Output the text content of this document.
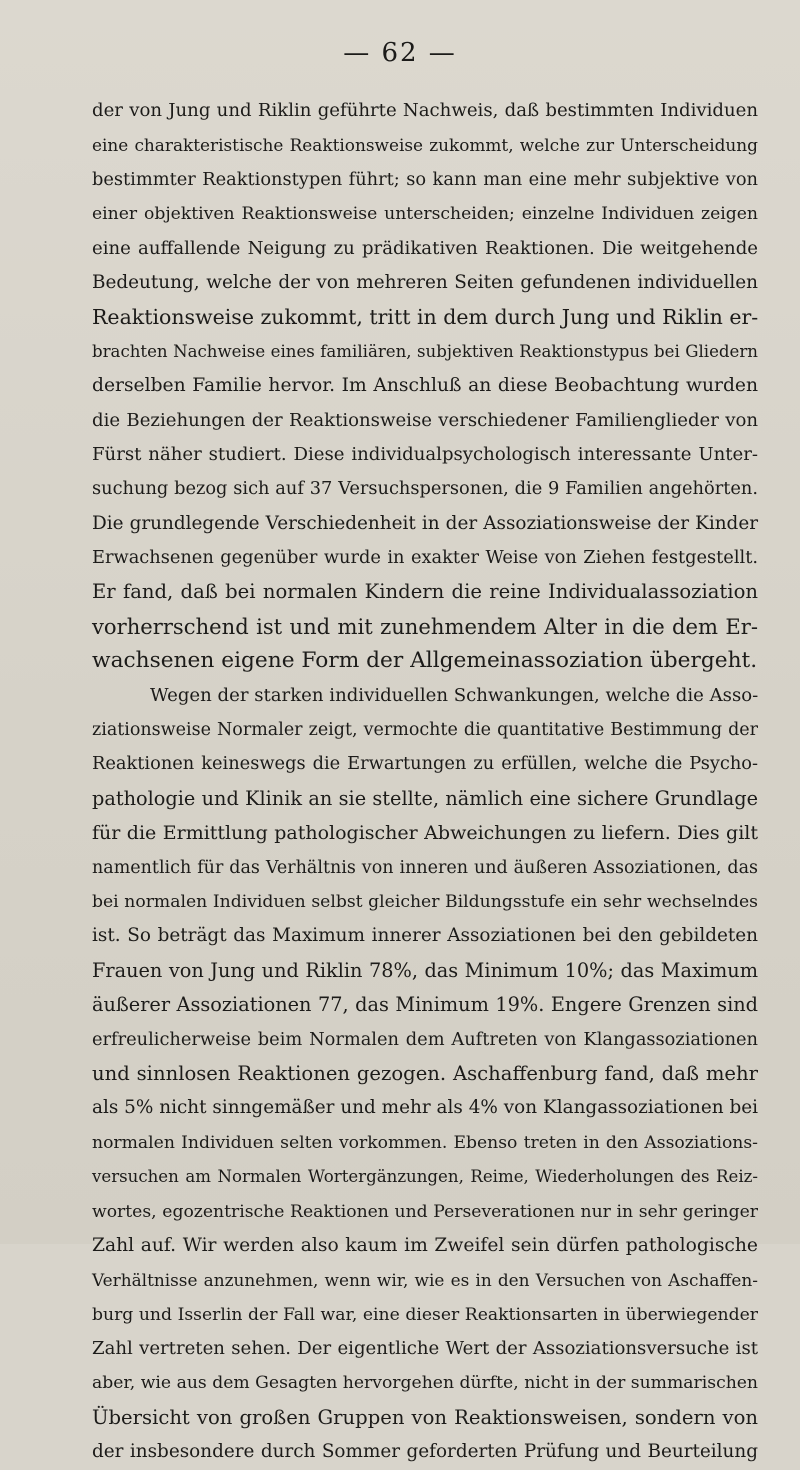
— 62 —
der von Jung und Riklin geführte Nachweis, daß bestimmten Individuen
eine charakteristische Reaktionsweise zukommt, welche zur Unterscheidung
bestimmter Reaktionstypen führt; so kann man eine mehr subjektive von
einer objektiven Reaktionsweise unterscheiden; einzelne Individuen zeigen
eine auffallende Neigung zu prädikativen Reaktionen. Die weitgehende
Bedeutung, welche der von mehreren Seiten gefundenen individuellen
Reaktionsweise zukommt, tritt in dem durch Jung und Riklin er-
brachten Nachweise eines familiären, subjektiven Reaktionstypus bei Gliedern
derselben Familie hervor. Im Anschluß an diese Beobachtung wurden
die Beziehungen der Reaktionsweise verschiedener Familienglieder von
Fürst näher studiert. Diese individualpsychologisch interessante Unter-
suchung bezog sich auf 37 Versuchspersonen, die 9 Familien angehörten.
Die grundlegende Verschiedenheit in der Assoziationsweise der Kinder
Erwachsenen gegenüber wurde in exakter Weise von Ziehen festgestellt.
Er fand, daß bei normalen Kindern die reine Individualassoziation
vorherrschend ist und mit zunehmendem Alter in die dem Er-
wachsenen eigene Form der Allgemeinassoziation übergeht.
Wegen der starken individuellen Schwankungen, welche die Asso-
ziationsweise Normaler zeigt, vermochte die quantitative Bestimmung der
Reaktionen keineswegs die Erwartungen zu erfüllen, welche die Psycho-
pathologie und Klinik an sie stellte, nämlich eine sichere Grundlage
für die Ermittlung pathologischer Abweichungen zu liefern. Dies gilt
namentlich für das Verhältnis von inneren und äußeren Assoziationen, das
bei normalen Individuen selbst gleicher Bildungsstufe ein sehr wechselndes
ist. So beträgt das Maximum innerer Assoziationen bei den gebildeten
Frauen von Jung und Riklin 78%, das Minimum 10%; das Maximum
äußerer Assoziationen 77, das Minimum 19%. Engere Grenzen sind
erfreulicherweise beim Normalen dem Auftreten von Klangassoziationen
und sinnlosen Reaktionen gezogen. Aschaffenburg fand, daß mehr
als 5% nicht sinngemäßer und mehr als 4% von Klangassoziationen bei
normalen Individuen selten vorkommen. Ebenso treten in den Assoziations-
versuchen am Normalen Wortergänzungen, Reime, Wiederholungen des Reiz-
wortes, egozentrische Reaktionen und Perseverationen nur in sehr geringer
Zahl auf. Wir werden also kaum im Zweifel sein dürfen pathologische
Verhältnisse anzunehmen, wenn wir, wie es in den Versuchen von Aschaffen-
burg und Isserlin der Fall war, eine dieser Reaktionsarten in überwiegender
Zahl vertreten sehen. Der eigentliche Wert der Assoziationsversuche ist
aber, wie aus dem Gesagten hervorgehen dürfte, nicht in der summarischen
Übersicht von großen Gruppen von Reaktionsweisen, sondern von
der insbesondere durch Sommer geforderten Prüfung und Beurteilung
